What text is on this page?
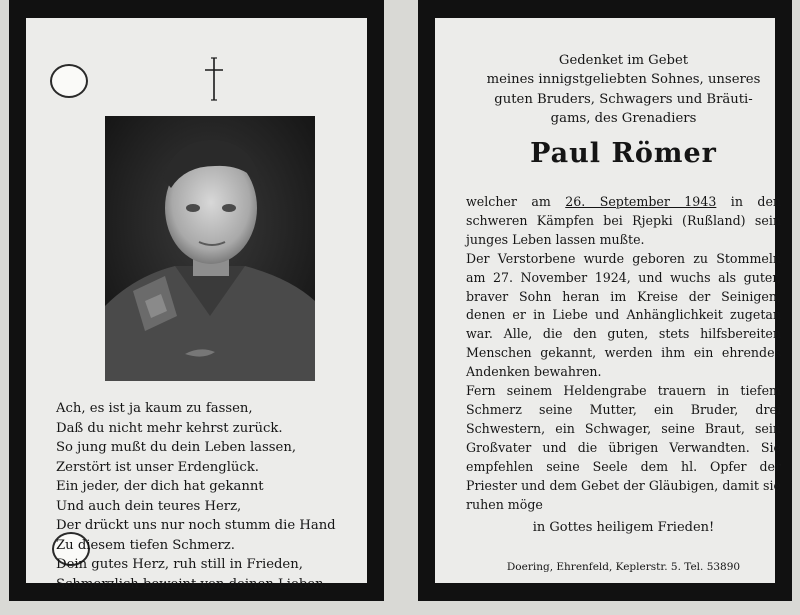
Ach, es ist ja kaum zu fassen,
Daß du nicht mehr kehrst zurück.
So jung mußt du dein Leben lassen,
Zerstört ist unser Erdenglück.
Ein jeder, der dich hat gekannt
Und auch dein teures Herz,
Der drückt uns nur noch stumm die Hand
Zu diesem tiefen Schmerz.
Dein gutes Herz, ruh still in Frieden,
Schmerzlich beweint von deinen Lieben.
Gedenket im Gebet
meines innigstgeliebten Sohnes, unseres
guten Bruders, Schwagers und Bräuti-
gams, des Grenadiers
Paul Römer

welcher am 26. September 1943 in den schweren Kämpfen bei Rjepki (Rußland) sein junges Leben lassen mußte.

Der Verstorbene wurde geboren zu Stommeln am 27. November 1924, und wuchs als guter, braver Sohn heran im Kreise der Seinigen, denen er in Liebe und Anhänglichkeit zugetan war. Alle, die den guten, stets hilfsbereiten Menschen gekannt, werden ihm ein ehrendes Andenken bewahren.

Fern seinem Heldengrabe trauern in tiefem Schmerz seine Mutter, ein Bruder, drei Schwestern, ein Schwager, seine Braut, sein Großvater und die übrigen Verwandten. Sie empfehlen seine Seele dem hl. Opfer der Priester und dem Gebet der Gläubigen, damit sie ruhen möge

in Gottes heiligem Frieden!
Doering, Ehrenfeld, Keplerstr. 5. Tel. 53890
